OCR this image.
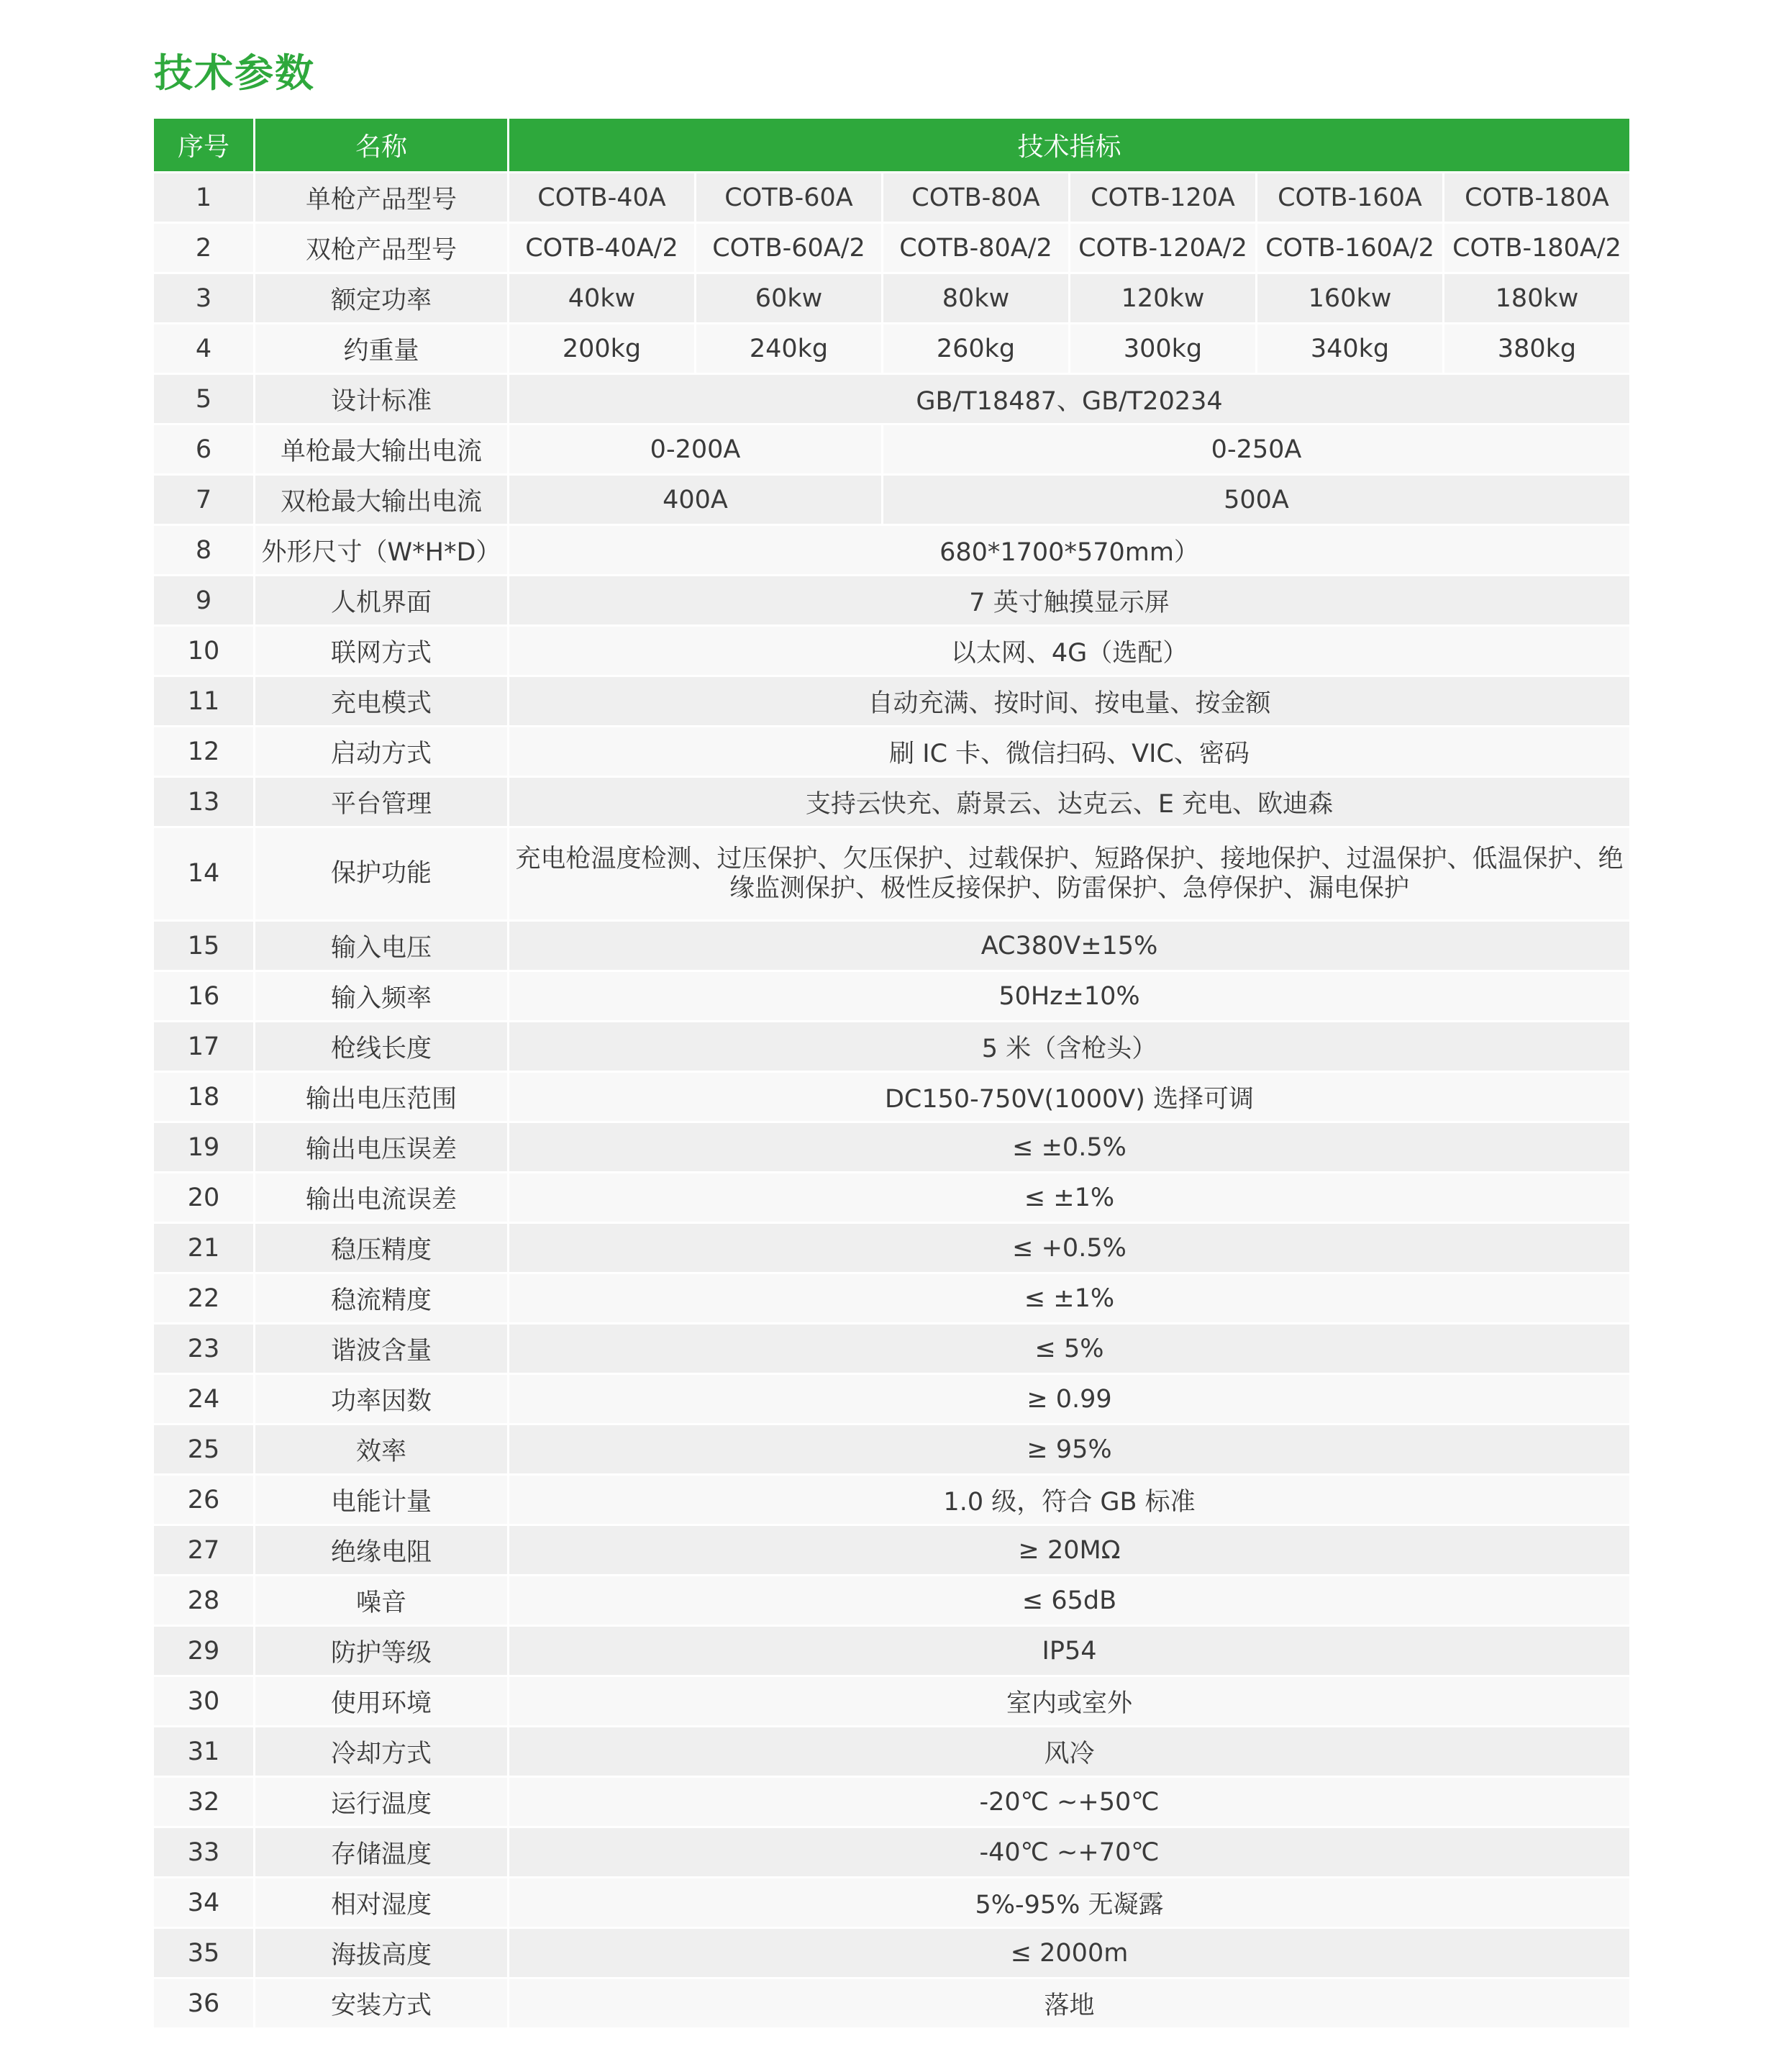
技术参数
序号	名称	技术指标					
1	单枪产品型号	COTB-40A	COTB-60A	COTB-80A	COTB-120A	COTB-160A	COTB-180A
2	双枪产品型号	COTB-40A/2	COTB-60A/2	COTB-80A/2	COTB-120A/2	COTB-160A/2	COTB-180A/2
3	额定功率	40kw	60kw	80kw	120kw	160kw	180kw
4	约重量	200kg	240kg	260kg	300kg	340kg	380kg
5	设计标准	GB/T18487、GB/T20234					
6	单枪最大输出电流	0-200A		0-250A			
7	双枪最大输出电流	400A		500A			
8	外形尺寸（W*H*D）	680*1700*570mm）					
9	人机界面	7 英寸触摸显示屏					
10	联网方式	以太网、4G（选配）					
11	充电模式	自动充满、按时间、按电量、按金额					
12	启动方式	刷 IC 卡、微信扫码、VIC、密码					
13	平台管理	支持云快充、蔚景云、达克云、E 充电、欧迪森					
14	保护功能	充电枪温度检测、过压保护、欠压保护、过载保护、短路保护、接地保护、过温保护、低温保护、绝缘监测保护、极性反接保护、防雷保护、急停保护、漏电保护					
15	输入电压	AC380V±15%					
16	输入频率	50Hz±10%					
17	枪线长度	5 米（含枪头）					
18	输出电压范围	DC150-750V(1000V) 选择可调					
19	输出电压误差	≤ ±0.5%					
20	输出电流误差	≤ ±1%					
21	稳压精度	≤ +0.5%					
22	稳流精度	≤ ±1%					
23	谐波含量	≤ 5%					
24	功率因数	≥ 0.99					
25	效率	≥ 95%					
26	电能计量	1.0 级，符合 GB 标准					
27	绝缘电阻	≥ 20MΩ					
28	噪音	≤ 65dB					
29	防护等级	IP54					
30	使用环境	室内或室外					
31	冷却方式	风冷					
32	运行温度	-20℃ ~+50℃					
33	存储温度	-40℃ ~+70℃					
34	相对湿度	5%-95% 无凝露					
35	海拔高度	≤ 2000m					
36	安装方式	落地					
